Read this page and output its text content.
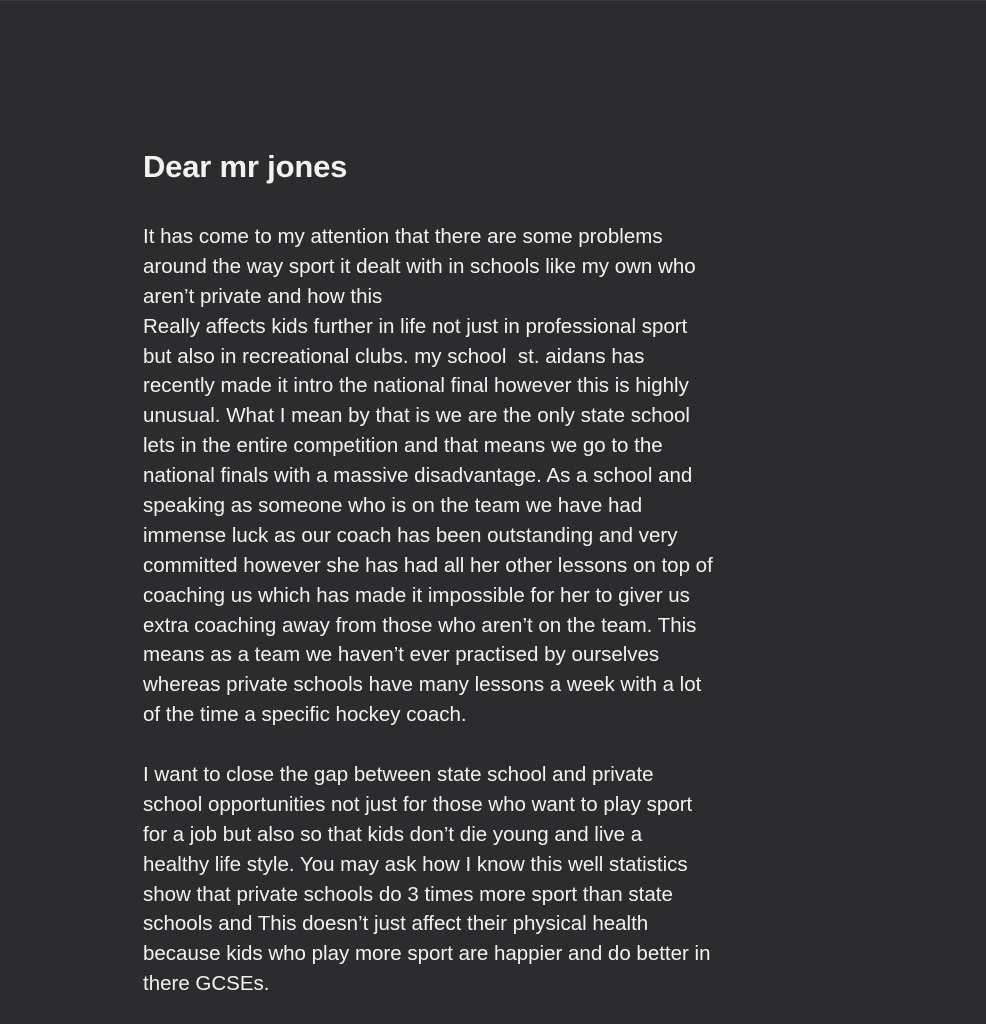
Dear mr jones
It has come to my attention that there are some problems
around the way sport it dealt with in schools like my own who
aren’t private and how this
Really affects kids further in life not just in professional sport
but also in recreational clubs. my school  st. aidans has
recently made it intro the national final however this is highly
unusual. What I mean by that is we are the only state school
lets in the entire competition and that means we go to the
national finals with a massive disadvantage. As a school and
speaking as someone who is on the team we have had
immense luck as our coach has been outstanding and very
committed however she has had all her other lessons on top of
coaching us which has made it impossible for her to giver us
extra coaching away from those who aren’t on the team. This
means as a team we haven’t ever practised by ourselves
whereas private schools have many lessons a week with a lot
of the time a specific hockey coach.
I want to close the gap between state school and private
school opportunities not just for those who want to play sport
for a job but also so that kids don’t die young and live a
healthy life style. You may ask how I know this well statistics
show that private schools do 3 times more sport than state
schools and This doesn’t just affect their physical health
because kids who play more sport are happier and do better in
there GCSEs.
